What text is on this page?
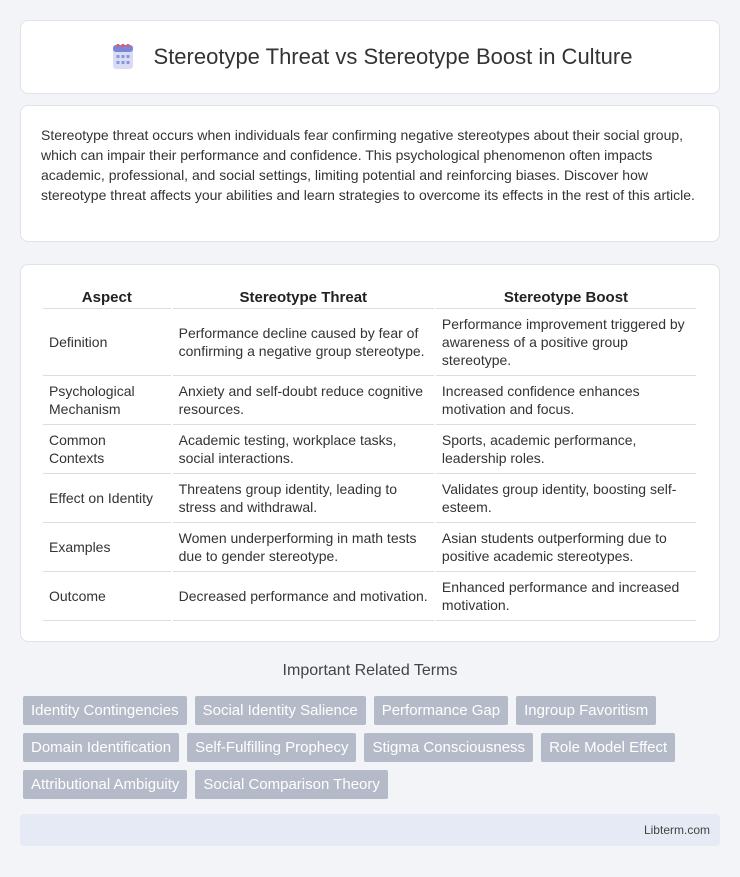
Stereotype Threat vs Stereotype Boost in Culture

Stereotype threat occurs when individuals fear confirming negative stereotypes about their social group, which can impair their performance and confidence. This psychological phenomenon often impacts academic, professional, and social settings, limiting potential and reinforcing biases. Discover how stereotype threat affects your abilities and learn strategies to overcome its effects in the rest of this article.

Aspect	Stereotype Threat	Stereotype Boost
Definition	Performance decline caused by fear of confirming a negative group stereotype.	Performance improvement triggered by awareness of a positive group stereotype.
Psychological Mechanism	Anxiety and self-doubt reduce cognitive resources.	Increased confidence enhances motivation and focus.
Common Contexts	Academic testing, workplace tasks, social interactions.	Sports, academic performance, leadership roles.
Effect on Identity	Threatens group identity, leading to stress and withdrawal.	Validates group identity, boosting self-esteem.
Examples	Women underperforming in math tests due to gender stereotype.	Asian students outperforming due to positive academic stereotypes.
Outcome	Decreased performance and motivation.	Enhanced performance and increased motivation.
Important Related Terms
Identity Contingencies	Social Identity Salience	Performance Gap	Ingroup Favoritism
Domain Identification	Self-Fulfilling Prophecy	Stigma Consciousness	Role Model Effect
Attributional Ambiguity	Social Comparison Theory
Libterm.com
